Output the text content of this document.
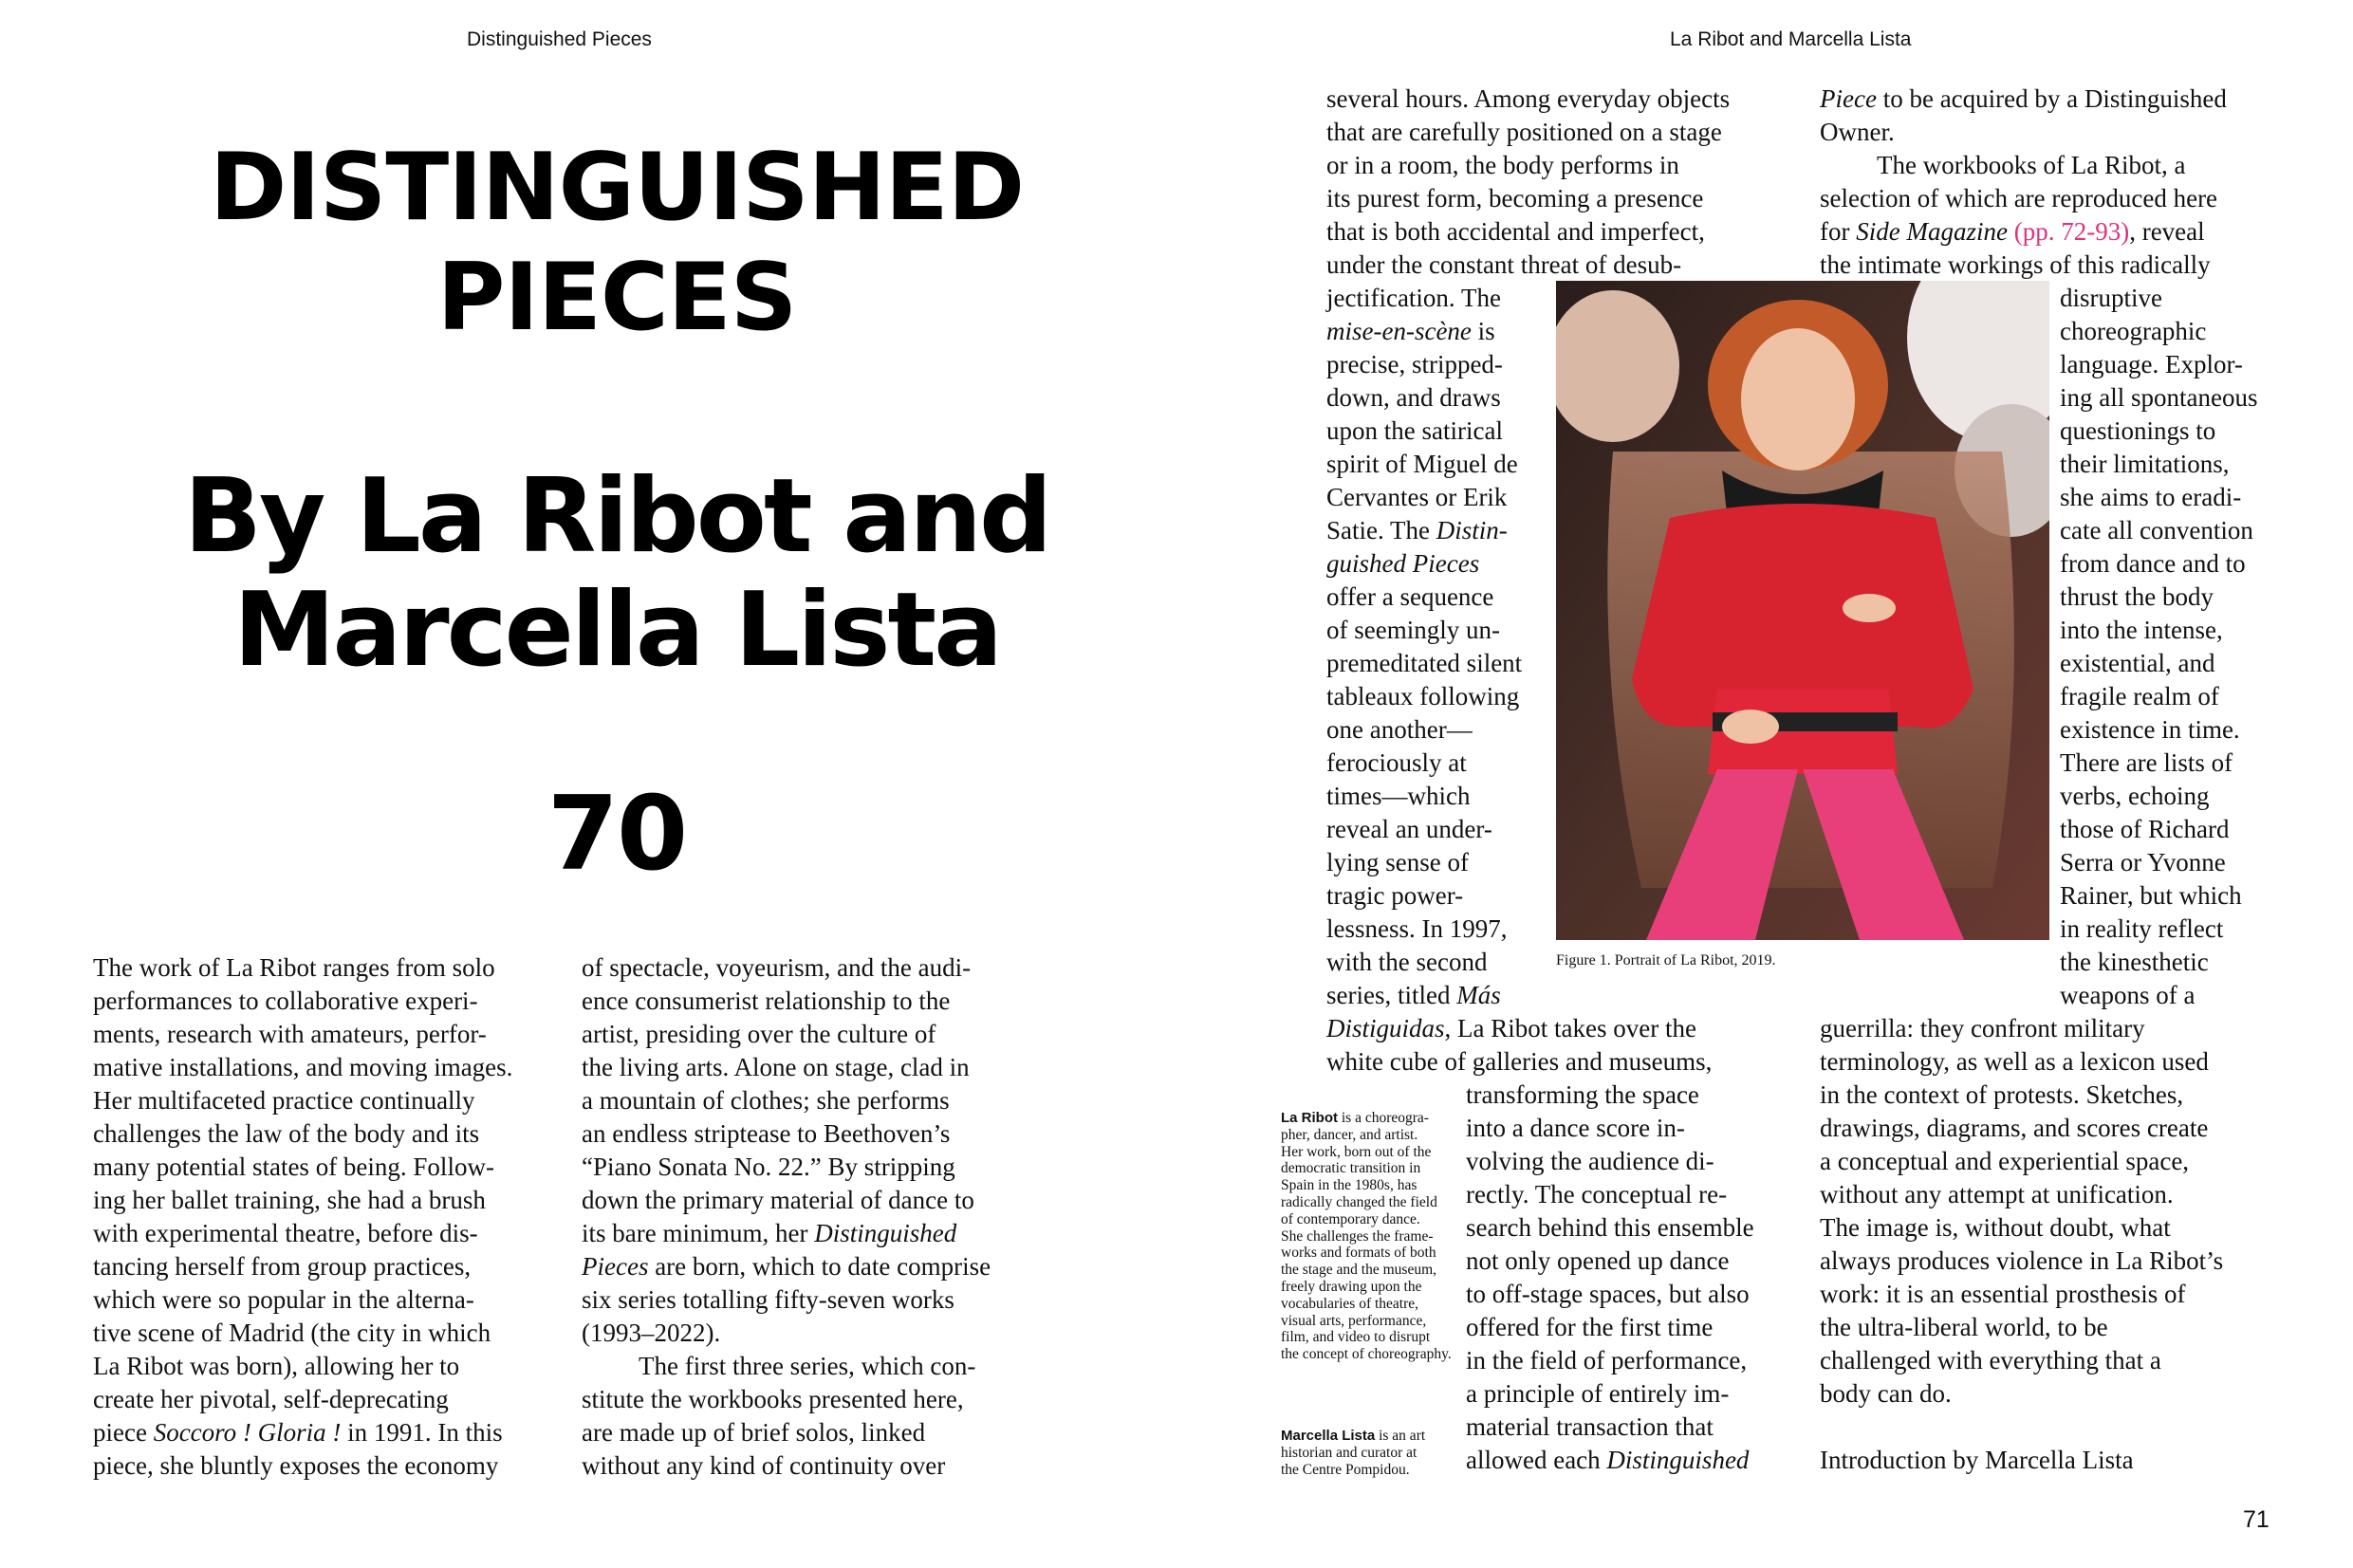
Distinguished Pieces	La Ribot and Marcella Lista
DISTINGUISHED
PIECES
By La Ribot and
Marcella Lista
70
The work of La Ribot ranges from solo
performances to collaborative experi-
ments, research with amateurs, perfor-
mative installations, and moving images.
Her multifaceted practice continually
challenges the law of the body and its
many potential states of being. Follow-
ing her ballet training, she had a brush
with experimental theatre, before dis-
tancing herself from group practices,
which were so popular in the alterna-
tive scene of Madrid (the city in which
La Ribot was born), allowing her to
create her pivotal, self-deprecating
piece Soccoro ! Gloria ! in 1991. In this
piece, she bluntly exposes the economy
of spectacle, voyeurism, and the audi-
ence consumerist relationship to the
artist, presiding over the culture of
the living arts. Alone on stage, clad in
a mountain of clothes; she performs
an endless striptease to Beethoven’s
“Piano Sonata No. 22.” By stripping
down the primary material of dance to
its bare minimum, her Distinguished
Pieces are born, which to date comprise
six series totalling fifty-seven works
(1993–2022).
The first three series, which con-
stitute the workbooks presented here,
are made up of brief solos, linked
without any kind of continuity over
several hours. Among everyday objects
that are carefully positioned on a stage
or in a room, the body performs in
its purest form, becoming a presence
that is both accidental and imperfect,
under the constant threat of desub-
jectification. The
mise-en-scène is
precise, stripped-
down, and draws
upon the satirical
spirit of Miguel de
Cervantes or Erik
Satie. The Distin-
guished Pieces
offer a sequence
of seemingly un-
premeditated silent
tableaux following
one another—
ferociously at
times—which
reveal an under-
lying sense of
tragic power-
lessness. In 1997,
with the second
series, titled Más
Distiguidas, La Ribot takes over the
white cube of galleries and museums,
transforming the space
into a dance score in-
volving the audience di-
rectly. The conceptual re-
search behind this ensemble
not only opened up dance
to off-stage spaces, but also
offered for the first time
in the field of performance,
a principle of entirely im-
material transaction that
allowed each Distinguished
Piece to be acquired by a Distinguished
Owner.
The workbooks of La Ribot, a
selection of which are reproduced here
for Side Magazine (pp. 72-93), reveal
the intimate workings of this radically
disruptive
choreographic
language. Explor-
ing all spontaneous
questionings to
their limitations,
she aims to eradi-
cate all convention
from dance and to
thrust the body
into the intense,
existential, and
fragile realm of
existence in time.
There are lists of
verbs, echoing
those of Richard
Serra or Yvonne
Rainer, but which
in reality reflect
the kinesthetic
weapons of a
guerrilla: they confront military
terminology, as well as a lexicon used
in the context of protests. Sketches,
drawings, diagrams, and scores create
a conceptual and experiential space,
without any attempt at unification.
The image is, without doubt, what
always produces violence in La Ribot’s
work: it is an essential prosthesis of
the ultra-liberal world, to be
challenged with everything that a
body can do.
Introduction by Marcella Lista
Figure 1. Portrait of La Ribot, 2019.
La Ribot is a choreogra-
pher, dancer, and artist.
Her work, born out of the
democratic transition in
Spain in the 1980s, has
radically changed the field
of contemporary dance.
She challenges the frame-
works and formats of both
the stage and the museum,
freely drawing upon the
vocabularies of theatre,
visual arts, performance,
film, and video to disrupt
the concept of choreography.
Marcella Lista is an art
historian and curator at
the Centre Pompidou.
71
